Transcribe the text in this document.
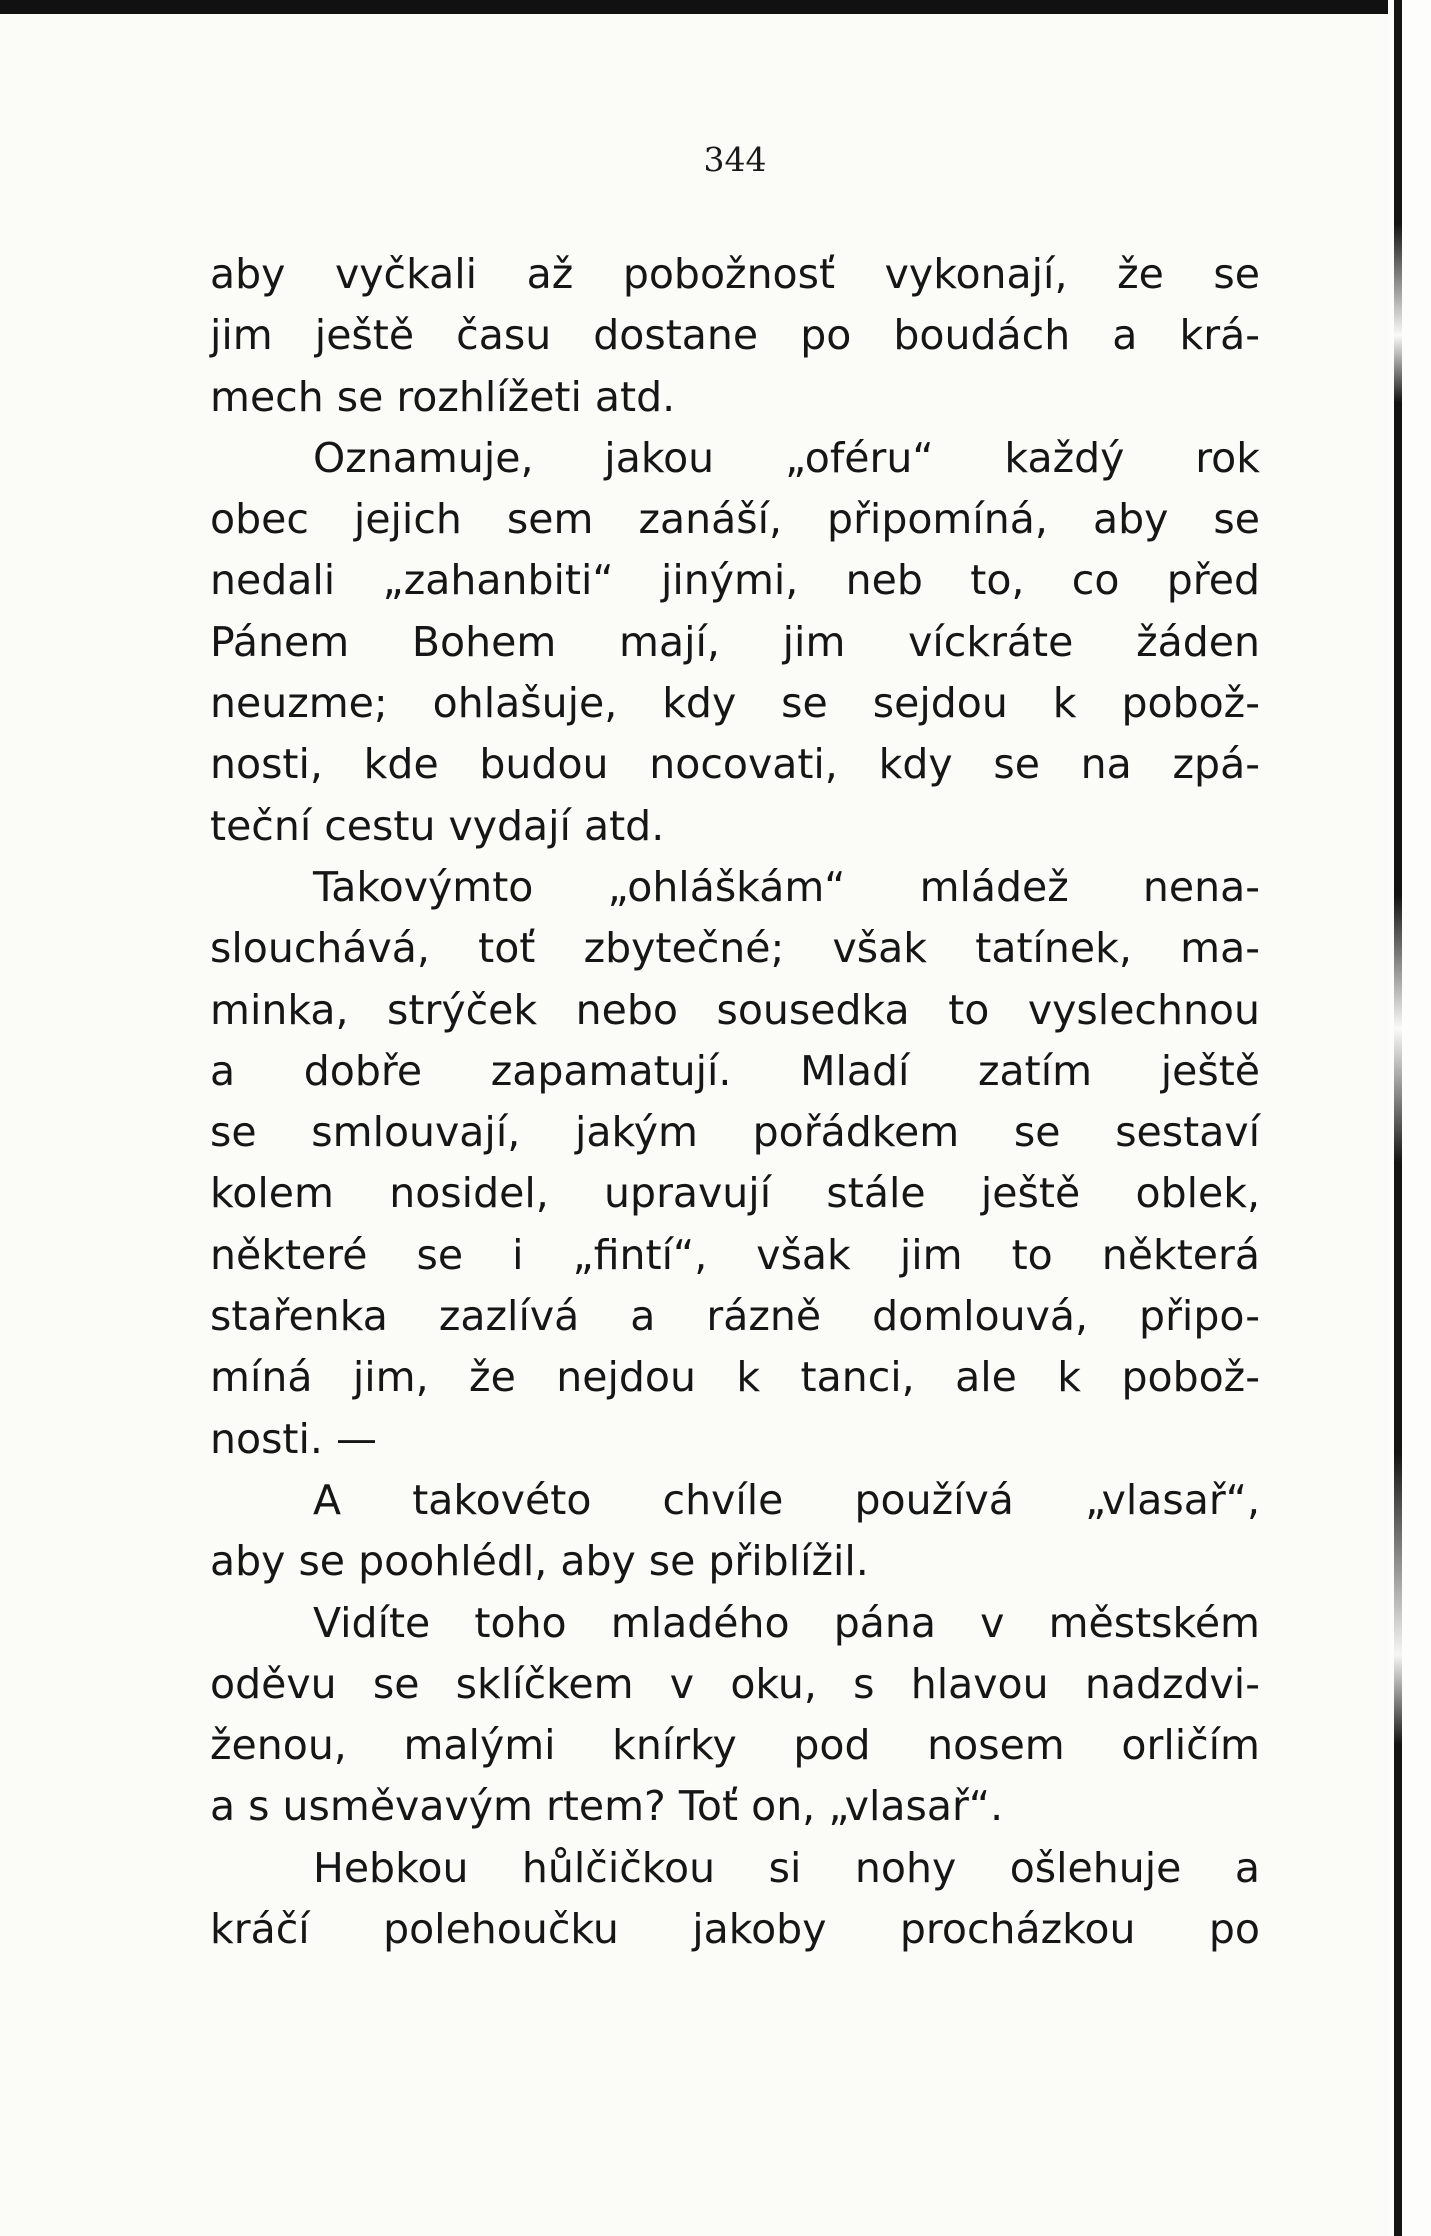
344
aby vyčkali až pobožnosť vykonají, že se
jim ještě času dostane po boudách a krá-
mech se rozhlížeti atd.
Oznamuje, jakou „oféru“ každý rok
obec jejich sem zanáší, připomíná, aby se
nedali „zahanbiti“ jinými, neb to, co před
Pánem Bohem mají, jim víckráte žáden
neuzme; ohlašuje, kdy se sejdou k pobož-
nosti, kde budou nocovati, kdy se na zpá-
teční cestu vydají atd.
Takovýmto „ohláškám“ mládež nena-
slouchává, toť zbytečné; však tatínek, ma-
minka, strýček nebo sousedka to vyslechnou
a dobře zapamatují. Mladí zatím ještě
se smlouvají, jakým pořádkem se sestaví
kolem nosidel, upravují stále ještě oblek,
některé se i „fintí“, však jim to některá
stařenka zazlívá a rázně domlouvá, připo-
míná jim, že nejdou k tanci, ale k pobož-
nosti. —
A takovéto chvíle používá „vlasař“,
aby se poohlédl, aby se přiblížil.
Vidíte toho mladého pána v městském
oděvu se sklíčkem v oku, s hlavou nadzdvi-
ženou, malými knírky pod nosem orličím
a s usměvavým rtem? Toť on, „vlasař“.
Hebkou hůlčičkou si nohy ošlehuje a
kráčí polehoučku jakoby procházkou po
